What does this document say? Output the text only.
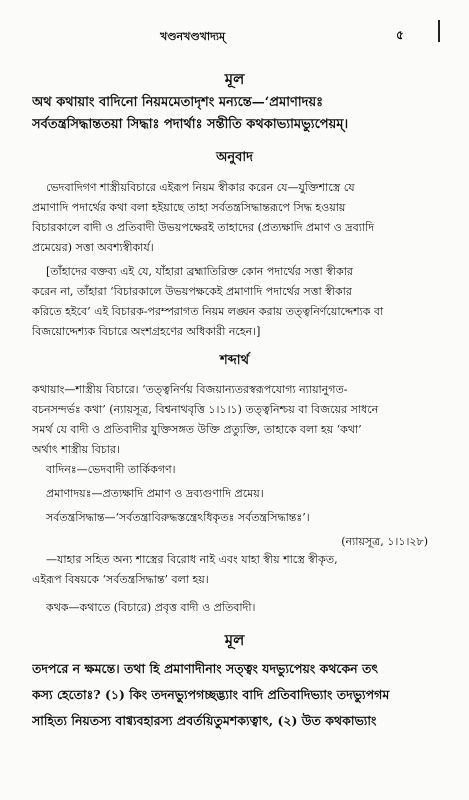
খণ্ডনখণ্ডখাদ্যম্	৫
মূল
অথ কথায়াং বাদিনো নিয়মমেতাদৃশং মন্যন্তে—‘প্রমাণাদয়ঃ
সর্বতন্ত্রসিদ্ধান্ততয়া সিদ্ধাঃ পদার্থাঃ সন্তীতি কথকাভ্যামভ্যুপেয়ম্।
অনুবাদ
ভেদবাদিগণ শাস্ত্রীয়বিচারে এইরূপ নিয়ম স্বীকার করেন যে—যুক্তিশাস্ত্রে যে
প্রমাণাদি পদার্থের কথা বলা হইয়াছে তাহা সর্বতন্ত্রসিদ্ধান্তরূপে সিদ্ধ হওয়ায়
বিচারকালে বাদী ও প্রতিবাদী উভয়পক্ষেরই তাহাদের (প্রত্যক্ষাদি প্রমাণ ও দ্রব্যাদি
প্রমেয়ের) সত্তা অবশ্যস্বীকার্য।
[তাঁহাদের বক্তব্য এই যে, যাঁহারা ব্রহ্মাতিরিক্ত কোন পদার্থের সত্তা স্বীকার
করেন না, তাঁহারা ‘বিচারকালে উভয়পক্ষকেই প্রমাণাদি পদার্থের সত্তা স্বীকার
করিতে হইবে’ এই বিচারক-পরম্পরাগত নিয়ম লঙ্ঘন করায় তত্ত্বনির্ণয়োদ্দেশ্যক বা
বিজয়োদ্দেশ্যক বিচারে অংশগ্রহণের অধিকারী নহেন।]
শব্দার্থ
কথায়াং—শাস্ত্রীয় বিচারে। ‘তত্ত্বনির্ণয় বিজয়ান্যতরস্বরূপযোগ্য ন্যায়ানুগত-
বচনসন্দর্ভঃ কথা’ (ন্যায়সূত্র, বিশ্বনাথবৃত্তি ১।১।১) তত্ত্বনিশ্চয় বা বিজয়ের সাধনে
সমর্থ যে বাদী ও প্রতিবাদীর যুক্তিসঙ্গত উক্তি প্রত্যুক্তি, তাহাকে বলা হয় ‘কথা’
অর্থাৎ শাস্ত্রীয় বিচার।
বাদিনঃ—ভেদবাদী তার্কিকগণ।
প্রমাণাদয়ঃ—প্রত্যক্ষাদি প্রমাণ ও দ্রব্যগুণাদি প্রমেয়।
সর্বতন্ত্রসিদ্ধান্ত—‘সর্বতন্ত্রাবিরুদ্ধস্তন্ত্রেঽধিকৃতঃ সর্বতন্ত্রসিদ্ধান্তঃ’।
(ন্যায়সূত্র, ১।১।২৮)
—যাহার সহিত অন্য শাস্ত্রের বিরোধ নাই এবং যাহা স্বীয় শাস্ত্রে স্বীকৃত,
এইরূপ বিষয়কে ‘সর্বতন্ত্রসিদ্ধান্ত’ বলা হয়।
কথক—কথাতে (বিচারে) প্রবৃত্ত বাদী ও প্রতিবাদী।
মূল
তদপরে ন ক্ষমন্তে। তথা হি প্রমাণাদীনাং সত্ত্বং যদভ্যুপেয়ং কথকেন তৎ
কস্য হেতোঃ? (১) কিং তদনভ্যুপগচ্ছদ্ভ্যাং বাদি প্রতিবাদিভ্যাং তদভ্যুপগম
সাহিত্য নিয়তস্য বাগ্ব্যবহারস্য প্রবর্তয়িতুমশক্যত্বাৎ, (২) উত কথকাভ্যাং
